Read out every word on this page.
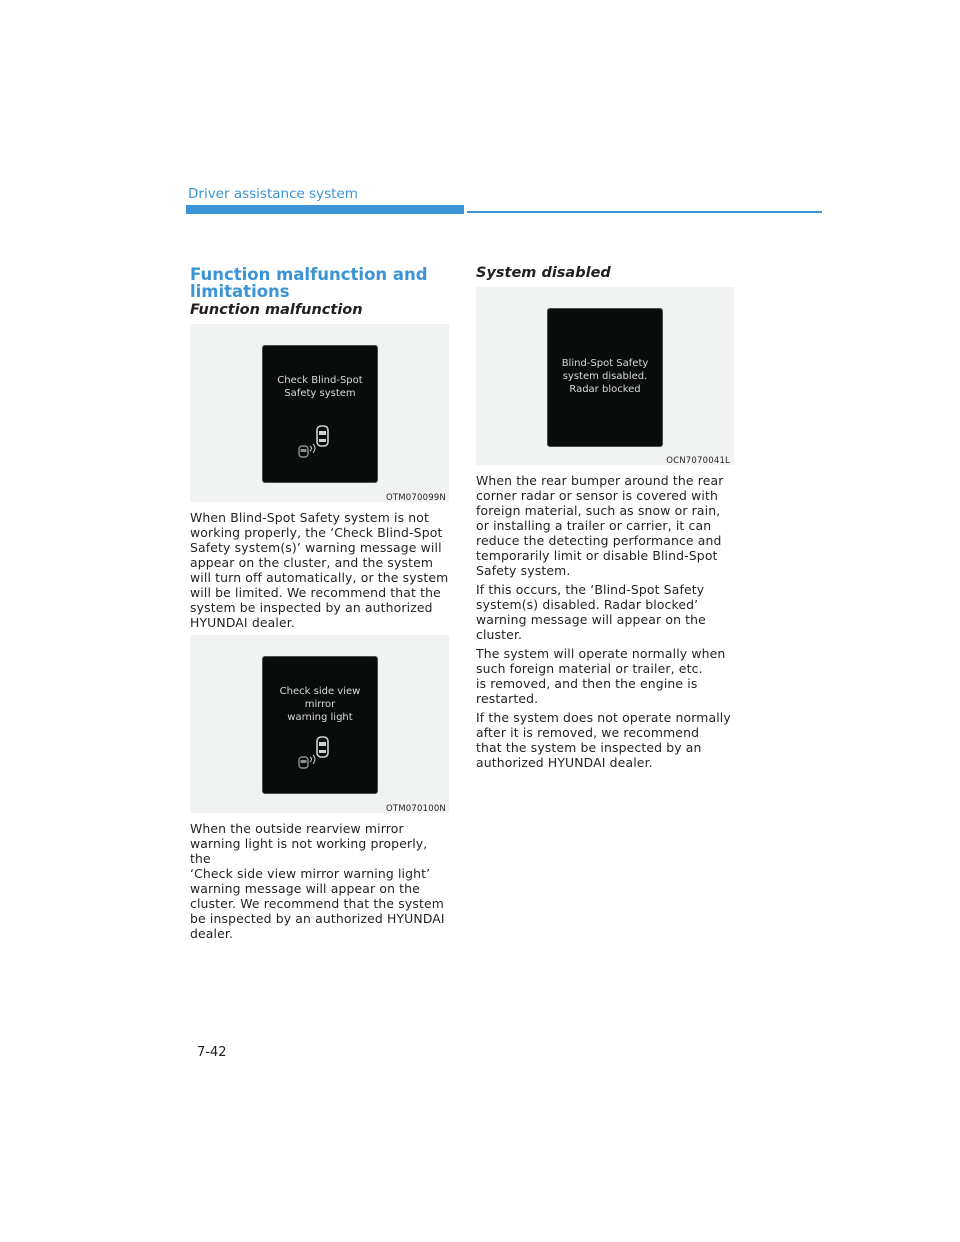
Driver assistance system
Function malfunction and limitations
Function malfunction
Check Blind-Spot
Safety system
OTM070099N

When Blind-Spot Safety system is not
working properly, the ‘Check Blind-Spot
Safety system(s)’ warning message will
appear on the cluster, and the system
will turn off automatically, or the system
will be limited. We recommend that the
system be inspected by an authorized
HYUNDAI dealer.

Check side view mirror
warning light
OTM070100N

When the outside rearview mirror
warning light is not working properly, the
‘Check side view mirror warning light’
warning message will appear on the
cluster. We recommend that the system
be inspected by an authorized HYUNDAI
dealer.

System disabled
Blind-Spot Safety
system disabled.
Radar blocked
OCN7070041L

When the rear bumper around the rear
corner radar or sensor is covered with
foreign material, such as snow or rain,
or installing a trailer or carrier, it can
reduce the detecting performance and
temporarily limit or disable Blind-Spot
Safety system.

If this occurs, the ‘Blind-Spot Safety
system(s) disabled. Radar blocked’
warning message will appear on the
cluster.

The system will operate normally when
such foreign material or trailer, etc.
is removed, and then the engine is
restarted.

If the system does not operate normally
after it is removed, we recommend
that the system be inspected by an
authorized HYUNDAI dealer.

7-42
